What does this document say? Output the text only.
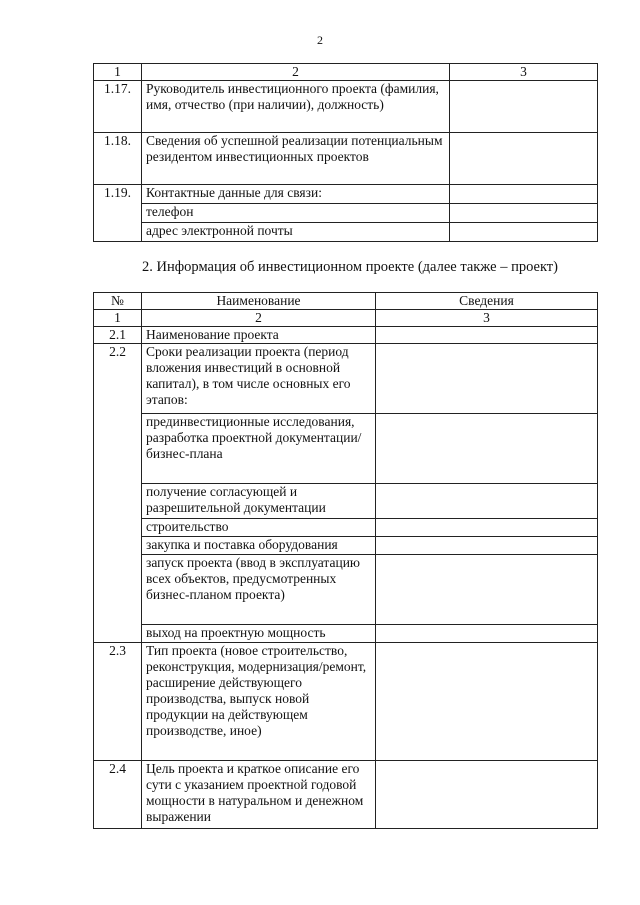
2
1	2	3
1.17.	Руководитель инвестиционного проекта (фамилия, имя, отчество (при наличии), должность)	
1.18.	Сведения об успешной реализации потенциальным резидентом инвестиционных проектов	
1.19.	Контактные данные для связи:	
	телефон	
	адрес электронной почты	
2. Информация об инвестиционном проекте (далее также – проект)
№	Наименование	Сведения
1	2	3
2.1	Наименование проекта	
2.2	Сроки реализации проекта (период вложения инвестиций в основной капитал), в том числе основных его этапов:	
	прединвестиционные исследования, разработка проектной документации/бизнес-плана	
	получение согласующей и разрешительной документации	
	строительство	
	закупка и поставка оборудования	
	запуск проекта (ввод в эксплуатацию всех объектов, предусмотренных бизнес-планом проекта)	
	выход на проектную мощность	
2.3	Тип проекта (новое строительство, реконструкция, модернизация/ремонт, расширение действующего производства, выпуск новой продукции на действующем производстве, иное)	
2.4	Цель проекта и краткое описание его сути с указанием проектной годовой мощности в натуральном и денежном выражении	
